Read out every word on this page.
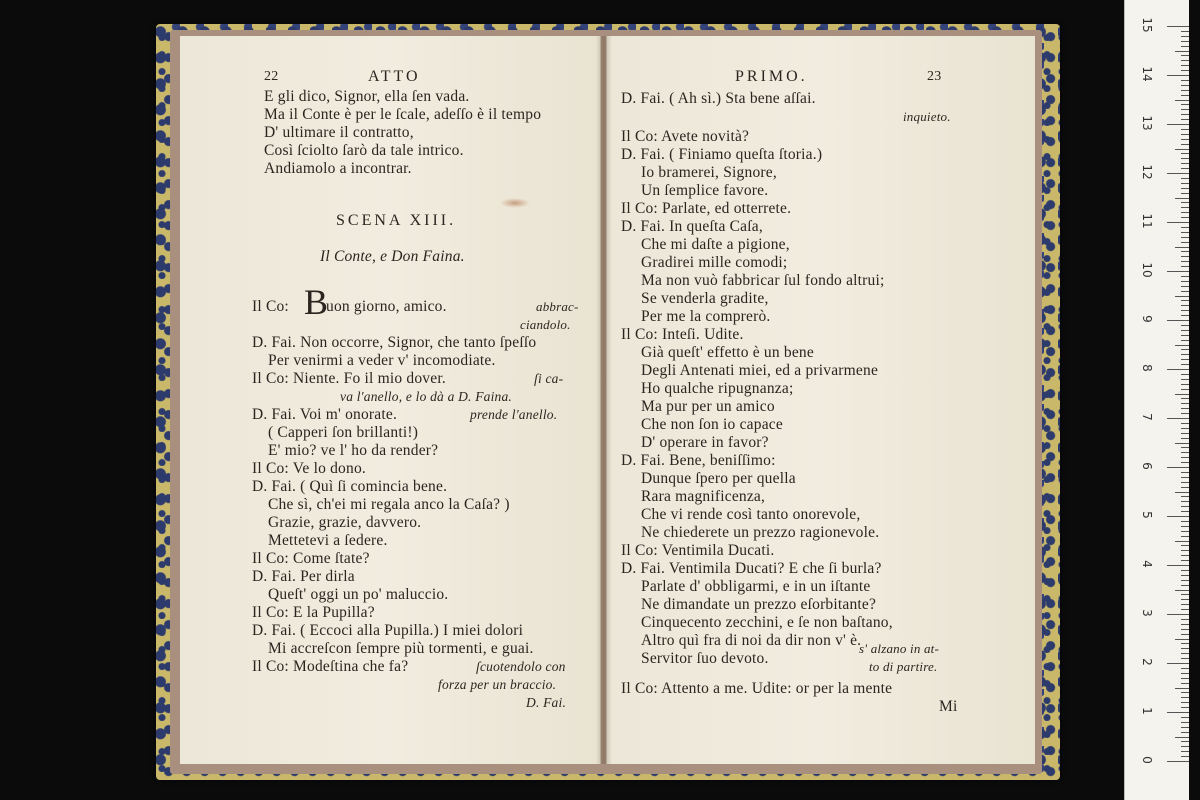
22	ATTO
E gli dico, Signor, ella ſen vada.
Ma il Conte è per le ſcale, adeſſo è il tempo
D' ultimare il contratto,
Così ſciolto ſarò da tale intrico.
Andiamolo a incontrar.
SCENA XIII.
Il Conte, e Don Faina.
Il Co: B
uon giorno, amico.	abbrac-
ciandolo.
D. Fai. Non occorre, Signor, che tanto ſpeſſo
Per venirmi a veder v' incomodiate.
Il Co: Niente. Fo il mio dover.	ſi ca-
va l'anello, e lo dà a D. Faina.
D. Fai. Voi m' onorate.	prende l'anello.
( Capperi ſon brillanti!)
E' mio? ve l' ho da render?
Il Co: Ve lo dono.
D. Fai. ( Quì ſi comincia bene.
Che sì, ch'ei mi regala anco la Caſa? )
Grazie, grazie, davvero.
Mettetevi a ſedere.
Il Co: Come ſtate?
D. Fai. Per dirla
Queſt' oggi un po' maluccio.
Il Co: E la Pupilla?
D. Fai. ( Eccoci alla Pupilla.) I miei dolori
Mi accreſcon ſempre più tormenti, e guai.
Il Co: Modeſtina che fa?	ſcuotendolo con
forza per un braccio.
D. Fai.
PRIMO.	23
D. Fai. ( Ah sì.) Sta bene aſſai.
inquieto.
Il Co: Avete novità?
D. Fai. ( Finiamo queſta ſtoria.)
Io bramerei, Signore,
Un ſemplice favore.
Il Co: Parlate, ed otterrete.
D. Fai. In queſta Caſa,
Che mi daſte a pigione,
Gradirei mille comodi;
Ma non vuò fabbricar ſul fondo altrui;
Se venderla gradite,
Per me la comprerò.
Il Co: Inteſi. Udite.
Già queſt' effetto è un bene
Degli Antenati miei, ed a privarmene
Ho qualche ripugnanza;
Ma pur per un amico
Che non ſon io capace
D' operare in favor?
D. Fai. Bene, beniſſimo:
Dunque ſpero per quella
Rara magnificenza,
Che vi rende così tanto onorevole,
Ne chiederete un prezzo ragionevole.
Il Co: Ventimila Ducati.
D. Fai. Ventimila Ducati? E che ſi burla?
Parlate d' obbligarmi, e in un iſtante
Ne dimandate un prezzo eſorbitante?
Cinquecento zecchini, e ſe non baſtano,
Altro quì fra di noi da dir non v' è.
Servitor ſuo devoto.
s' alzano in at-
to di partire.
Il Co: Attento a me. Udite: or per la mente
Mi
15
14
13
12
11
10
9
8
7
6
5
4
3
2
1
0
